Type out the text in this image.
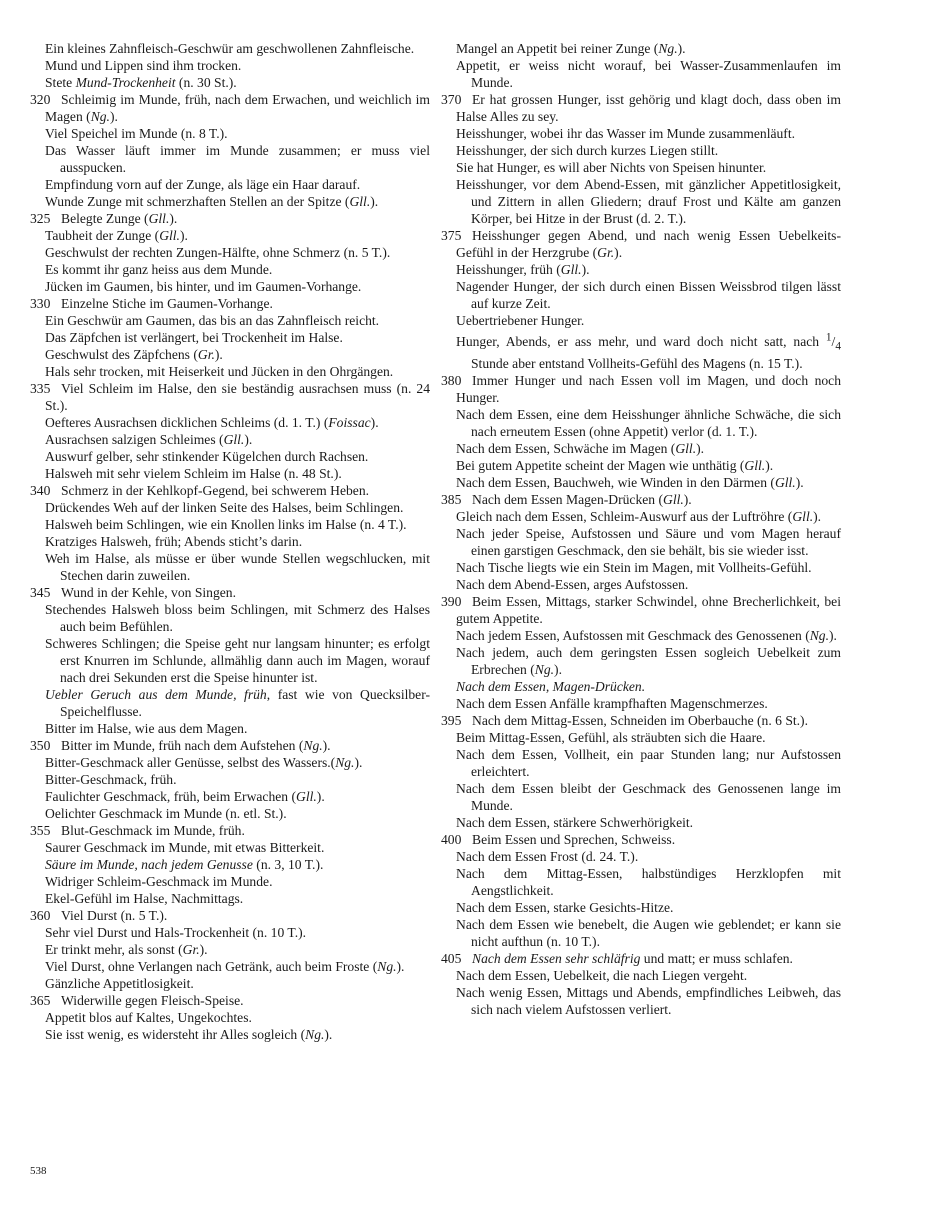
Ein kleines Zahnfleisch-Geschwür am geschwollenen Zahnfleische.
Mund und Lippen sind ihm trocken.
Stete Mund-Trockenheit (n. 30 St.).
320 Schleimig im Munde, früh, nach dem Erwachen, und weichlich im Magen (Ng.).
Viel Speichel im Munde (n. 8 T.).
Das Wasser läuft immer im Munde zusammen; er muss viel ausspucken.
Empfindung vorn auf der Zunge, als läge ein Haar darauf.
Wunde Zunge mit schmerzhaften Stellen an der Spitze (Gll.).
325 Belegte Zunge (Gll.).
Taubheit der Zunge (Gll.).
Geschwulst der rechten Zungen-Hälfte, ohne Schmerz (n. 5 T.).
Es kommt ihr ganz heiss aus dem Munde.
Jücken im Gaumen, bis hinter, und im Gaumen-Vorhange.
330 Einzelne Stiche im Gaumen-Vorhange.
Ein Geschwür am Gaumen, das bis an das Zahnfleisch reicht.
Das Zäpfchen ist verlängert, bei Trockenheit im Halse.
Geschwulst des Zäpfchens (Gr.).
Hals sehr trocken, mit Heiserkeit und Jücken in den Ohrgängen.
335 Viel Schleim im Halse, den sie beständig ausrachsen muss (n. 24 St.).
Oefteres Ausrachsen dicklichen Schleims (d. 1. T.) (Foissac).
Ausrachsen salzigen Schleimes (Gll.).
Auswurf gelber, sehr stinkender Kügelchen durch Rachsen.
Halsweh mit sehr vielem Schleim im Halse (n. 48 St.).
340 Schmerz in der Kehlkopf-Gegend, bei schwerem Heben.
Drückendes Weh auf der linken Seite des Halses, beim Schlingen.
Halsweh beim Schlingen, wie ein Knollen links im Halse (n. 4 T.).
Kratziges Halsweh, früh; Abends sticht’s darin.
Weh im Halse, als müsse er über wunde Stellen wegschlucken, mit Stechen darin zuweilen.
345 Wund in der Kehle, von Singen.
Stechendes Halsweh bloss beim Schlingen, mit Schmerz des Halses auch beim Befühlen.
Schweres Schlingen; die Speise geht nur langsam hinunter; es erfolgt erst Knurren im Schlunde, allmählig dann auch im Magen, worauf nach drei Sekunden erst die Speise hinunter ist.
Uebler Geruch aus dem Munde, früh, fast wie von Quecksilber-Speichelflusse.
Bitter im Halse, wie aus dem Magen.
350 Bitter im Munde, früh nach dem Aufstehen (Ng.).
Bitter-Geschmack aller Genüsse, selbst des Wassers.(Ng.).
Bitter-Geschmack, früh.
Faulichter Geschmack, früh, beim Erwachen (Gll.).
Oelichter Geschmack im Munde (n. etl. St.).
355 Blut-Geschmack im Munde, früh.
Saurer Geschmack im Munde, mit etwas Bitterkeit.
Säure im Munde, nach jedem Genusse (n. 3, 10 T.).
Widriger Schleim-Geschmack im Munde.
Ekel-Gefühl im Halse, Nachmittags.
360 Viel Durst (n. 5 T.).
Sehr viel Durst und Hals-Trockenheit (n. 10 T.).
Er trinkt mehr, als sonst (Gr.).
Viel Durst, ohne Verlangen nach Getränk, auch beim Froste (Ng.).
Gänzliche Appetitlosigkeit.
365 Widerwille gegen Fleisch-Speise.
Appetit blos auf Kaltes, Ungekochtes.
Sie isst wenig, es widersteht ihr Alles sogleich (Ng.).
Mangel an Appetit bei reiner Zunge (Ng.).
Appetit, er weiss nicht worauf, bei Wasser-Zusammenlaufen im Munde.
370 Er hat grossen Hunger, isst gehörig und klagt doch, dass oben im Halse Alles zu sey.
Heisshunger, wobei ihr das Wasser im Munde zusammenläuft.
Heisshunger, der sich durch kurzes Liegen stillt.
Sie hat Hunger, es will aber Nichts von Speisen hinunter.
Heisshunger, vor dem Abend-Essen, mit gänzlicher Appetitlosigkeit, und Zittern in allen Gliedern; drauf Frost und Kälte am ganzen Körper, bei Hitze in der Brust (d. 2. T.).
375 Heisshunger gegen Abend, und nach wenig Essen Uebelkeits-Gefühl in der Herzgrube (Gr.).
Heisshunger, früh (Gll.).
Nagender Hunger, der sich durch einen Bissen Weissbrod tilgen lässt auf kurze Zeit.
Uebertriebener Hunger.
Hunger, Abends, er ass mehr, und ward doch nicht satt, nach $^1/_4$ Stunde aber entstand Vollheits-Gefühl des Magens (n. 15 T.).
380 Immer Hunger und nach Essen voll im Magen, und doch noch Hunger.
Nach dem Essen, eine dem Heisshunger ähnliche Schwäche, die sich nach erneutem Essen (ohne Appetit) verlor (d. 1. T.).
Nach dem Essen, Schwäche im Magen (Gll.).
Bei gutem Appetite scheint der Magen wie unthätig (Gll.).
Nach dem Essen, Bauchweh, wie Winden in den Därmen (Gll.).
385 Nach dem Essen Magen-Drücken (Gll.).
Gleich nach dem Essen, Schleim-Auswurf aus der Luftröhre (Gll.).
Nach jeder Speise, Aufstossen und Säure und vom Magen herauf einen garstigen Geschmack, den sie behält, bis sie wieder isst.
Nach Tische liegts wie ein Stein im Magen, mit Vollheits-Gefühl.
Nach dem Abend-Essen, arges Aufstossen.
390 Beim Essen, Mittags, starker Schwindel, ohne Brecherlichkeit, bei gutem Appetite.
Nach jedem Essen, Aufstossen mit Geschmack des Genossenen (Ng.).
Nach jedem, auch dem geringsten Essen sogleich Uebelkeit zum Erbrechen (Ng.).
Nach dem Essen, Magen-Drücken.
Nach dem Essen Anfälle krampfhaften Magenschmerzes.
395 Nach dem Mittag-Essen, Schneiden im Oberbauche (n. 6 St.).
Beim Mittag-Essen, Gefühl, als sträubten sich die Haare.
Nach dem Essen, Vollheit, ein paar Stunden lang; nur Aufstossen erleichtert.
Nach dem Essen bleibt der Geschmack des Genossenen lange im Munde.
Nach dem Essen, stärkere Schwerhörigkeit.
400 Beim Essen und Sprechen, Schweiss.
Nach dem Essen Frost (d. 24. T.).
Nach dem Mittag-Essen, halbstündiges Herzklopfen mit Aengstlichkeit.
Nach dem Essen, starke Gesichts-Hitze.
Nach dem Essen wie benebelt, die Augen wie geblendet; er kann sie nicht aufthun (n. 10 T.).
405 Nach dem Essen sehr schläfrig und matt; er muss schlafen.
Nach dem Essen, Uebelkeit, die nach Liegen vergeht.
Nach wenig Essen, Mittags und Abends, empfindliches Leibweh, das sich nach vielem Aufstossen verliert.
538
